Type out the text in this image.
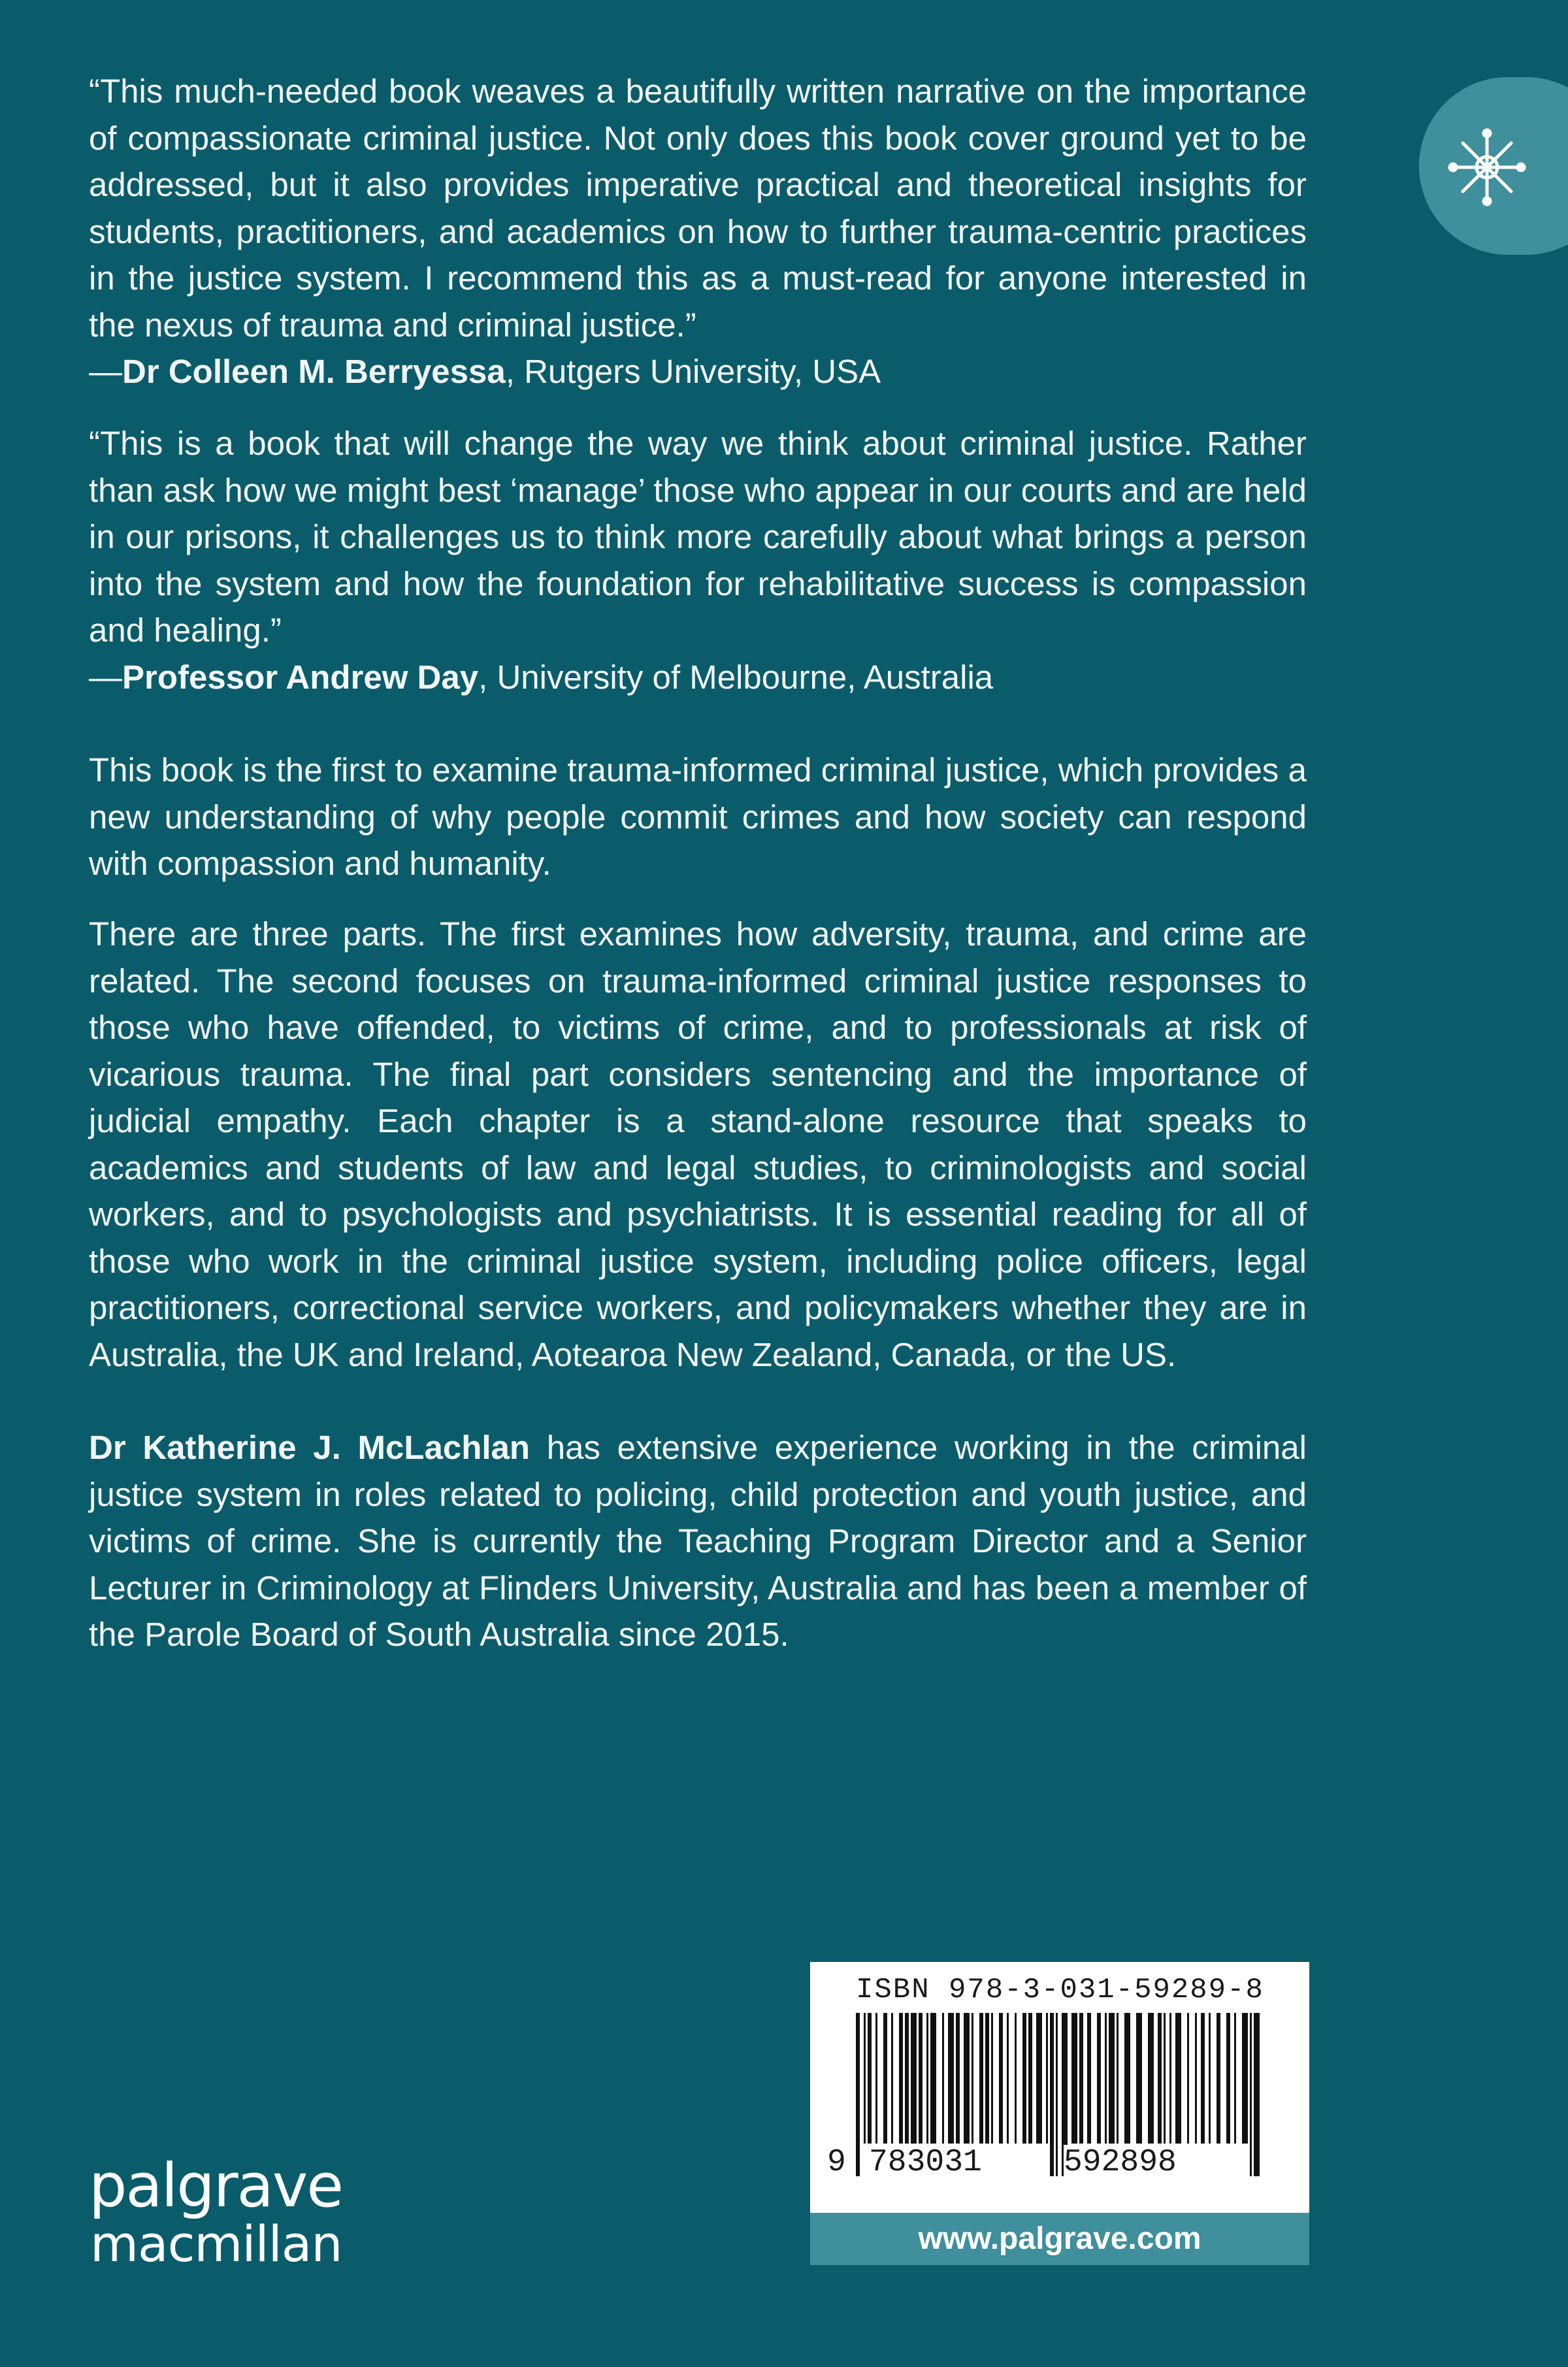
“This much-needed book weaves a beautifully written narrative on the importance of compassionate criminal justice. Not only does this book cover ground yet to be addressed, but it also provides imperative practical and theoretical insights for students, practitioners, and academics on how to further trauma-centric practices in the justice system. I recommend this as a must-read for anyone interested in the nexus of trauma and criminal justice.”

—Dr Colleen M. Berryessa, Rutgers University, USA

“This is a book that will change the way we think about criminal justice. Rather than ask how we might best ‘manage’ those who appear in our courts and are held in our prisons, it challenges us to think more carefully about what brings a person into the system and how the foundation for rehabilitative success is compassion and healing.”

—Professor Andrew Day, University of Melbourne, Australia

This book is the first to examine trauma-informed criminal justice, which provides a new understanding of why people commit crimes and how society can respond with compassion and humanity.

There are three parts. The first examines how adversity, trauma, and crime are related. The second focuses on trauma-informed criminal justice responses to those who have offended, to victims of crime, and to professionals at risk of vicarious trauma. The final part considers sentencing and the importance of judicial empathy. Each chapter is a stand-alone resource that speaks to academics and students of law and legal studies, to criminologists and social workers, and to psychologists and psychiatrists. It is essential reading for all of those who work in the criminal justice system, including police officers, legal practitioners, correctional service workers, and policymakers whether they are in Australia, the UK and Ireland, Aotearoa New Zealand, Canada, or the US.

Dr Katherine J. McLachlan has extensive experience working in the criminal justice system in roles related to policing, child protection and youth justice, and victims of crime. She is currently the Teaching Program Director and a Senior Lecturer in Criminology at Flinders University, Australia and has been a member of the Parole Board of South Australia since 2015.

palgrave
macmillan
ISBN 978-3-031-59289-8
9 783031	592898
www.palgrave.com
